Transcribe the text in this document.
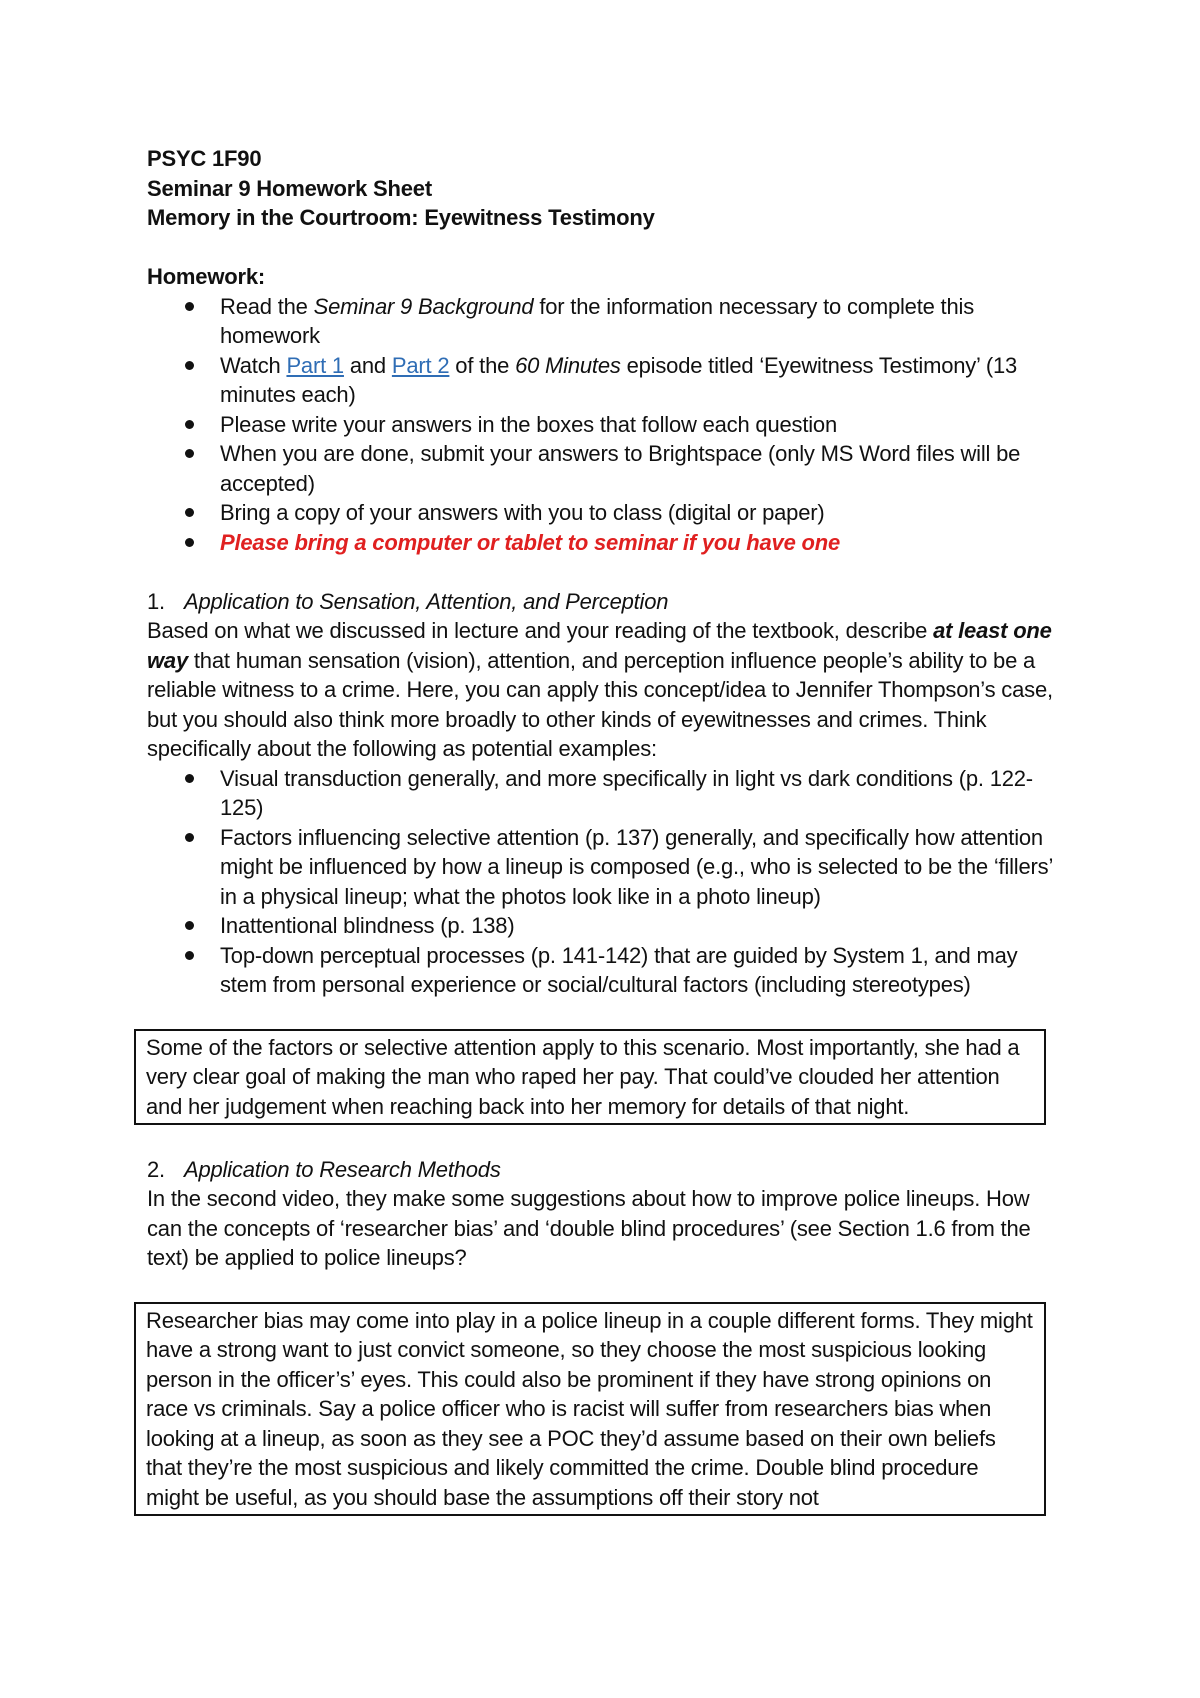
PSYC 1F90

Seminar 9 Homework Sheet

Memory in the Courtroom: Eyewitness Testimony

Homework:

Read the Seminar 9 Background for the information necessary to complete this homework
Watch Part 1 and Part 2 of the 60 Minutes episode titled ‘Eyewitness Testimony’ (13 minutes each)
Please write your answers in the boxes that follow each question
When you are done, submit your answers to Brightspace (only MS Word files will be accepted)
Bring a copy of your answers with you to class (digital or paper)
Please bring a computer or tablet to seminar if you have one

1. Application to Sensation, Attention, and Perception

Based on what we discussed in lecture and your reading of the textbook, describe at least one way that human sensation (vision), attention, and perception influence people’s ability to be a reliable witness to a crime. Here, you can apply this concept/idea to Jennifer Thompson’s case, but you should also think more broadly to other kinds of eyewitnesses and crimes. Think specifically about the following as potential examples:

Visual transduction generally, and more specifically in light vs dark conditions (p. 122-125)
Factors influencing selective attention (p. 137) generally, and specifically how attention might be influenced by how a lineup is composed (e.g., who is selected to be the ‘fillers’ in a physical lineup; what the photos look like in a photo lineup)
Inattentional blindness (p. 138)
Top-down perceptual processes (p. 141-142) that are guided by System 1, and may stem from personal experience or social/cultural factors (including stereotypes)

Some of the factors or selective attention apply to this scenario. Most importantly, she had a very clear goal of making the man who raped her pay. That could’ve clouded her attention and her judgement when reaching back into her memory for details of that night.

2. Application to Research Methods

In the second video, they make some suggestions about how to improve police lineups. How can the concepts of ‘researcher bias’ and ‘double blind procedures’ (see Section 1.6 from the text) be applied to police lineups?

Researcher bias may come into play in a police lineup in a couple different forms. They might have a strong want to just convict someone, so they choose the most suspicious looking person in the officer’s’ eyes. This could also be prominent if they have strong opinions on race vs criminals. Say a police officer who is racist will suffer from researchers bias when looking at a lineup, as soon as they see a POC they’d assume based on their own beliefs that they’re the most suspicious and likely committed the crime. Double blind procedure might be useful, as you should base the assumptions off their story not
